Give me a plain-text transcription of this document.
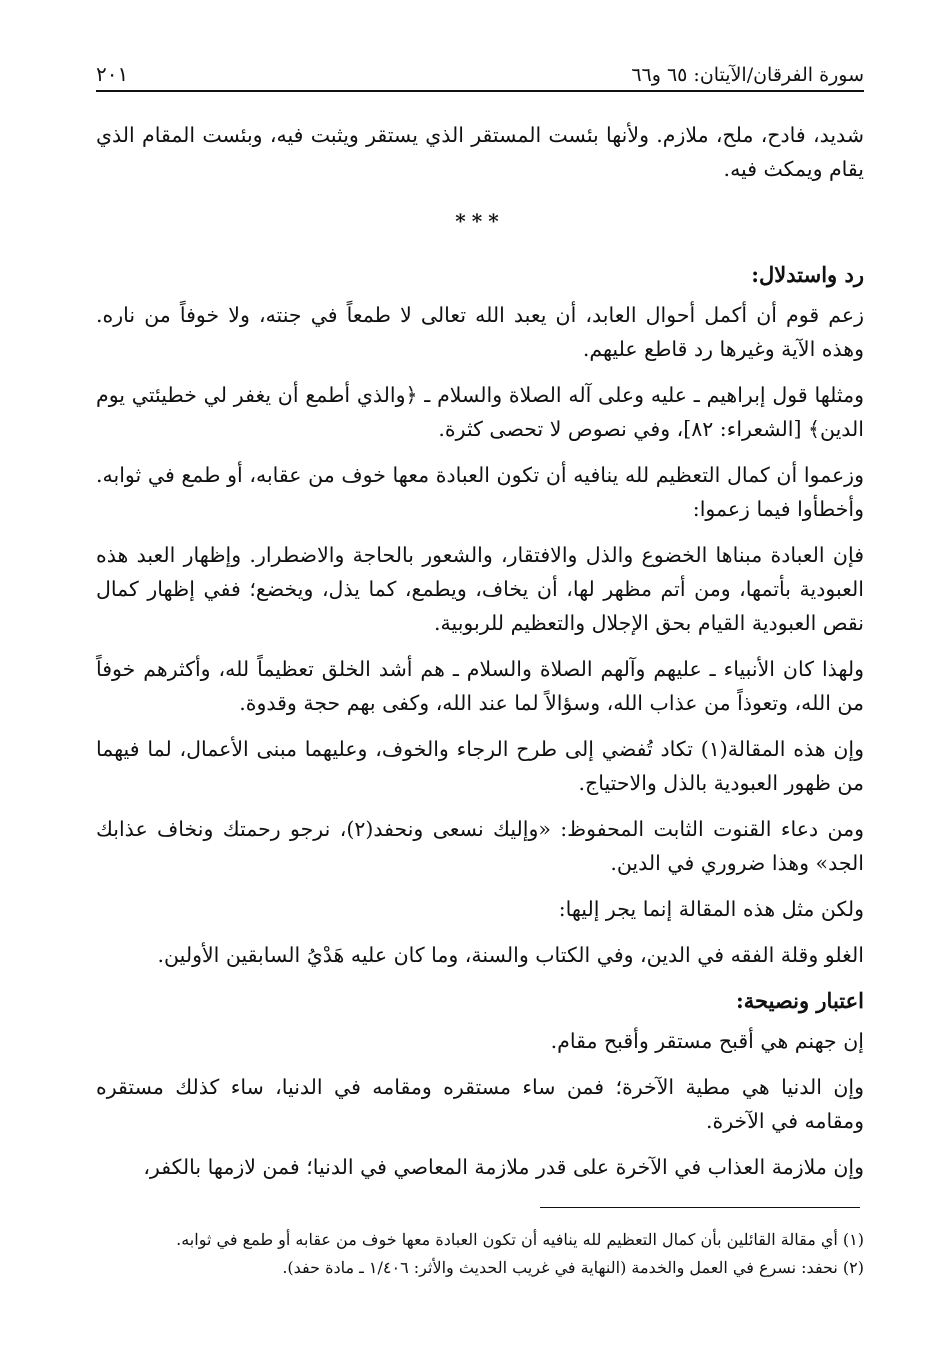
سورة الفرقان/الآيتان: ٦٥ و٦٦
٢٠١

شديد، فادح، ملح، ملازم. ولأنها بئست المستقر الذي يستقر ويثبت فيه، وبئست المقام الذي يقام ويمكث فيه.

***
رد واستدلال:

زعم قوم أن أكمل أحوال العابد، أن يعبد الله تعالى لا طمعاً في جنته، ولا خوفاً من ناره. وهذه الآية وغيرها رد قاطع عليهم.

ومثلها قول إبراهيم ـ عليه وعلى آله الصلاة والسلام ـ ﴿والذي أطمع أن يغفر لي خطيئتي يوم الدين﴾ [الشعراء: ٨٢]، وفي نصوص لا تحصى كثرة.

وزعموا أن كمال التعظيم لله ينافيه أن تكون العبادة معها خوف من عقابه، أو طمع في ثوابه. وأخطأوا فيما زعموا:

فإن العبادة مبناها الخضوع والذل والافتقار، والشعور بالحاجة والاضطرار. وإظهار العبد هذه العبودية بأتمها، ومن أتم مظهر لها، أن يخاف، ويطمع، كما يذل، ويخضع؛ ففي إظهار كمال نقص العبودية القيام بحق الإجلال والتعظيم للربوبية.

ولهذا كان الأنبياء ـ عليهم وآلهم الصلاة والسلام ـ هم أشد الخلق تعظيماً لله، وأكثرهم خوفاً من الله، وتعوذاً من عذاب الله، وسؤالاً لما عند الله، وكفى بهم حجة وقدوة.

وإن هذه المقالة(١) تكاد تُفضي إلى طرح الرجاء والخوف، وعليهما مبنى الأعمال، لما فيهما من ظهور العبودية بالذل والاحتياج.

ومن دعاء القنوت الثابت المحفوظ: «وإليك نسعى ونحفد(٢)، نرجو رحمتك ونخاف عذابك الجد» وهذا ضروري في الدين.

ولكن مثل هذه المقالة إنما يجر إليها:

الغلو وقلة الفقه في الدين، وفي الكتاب والسنة، وما كان عليه هَدْيُ السابقين الأولين.

اعتبار ونصيحة:

إن جهنم هي أقبح مستقر وأقبح مقام.

وإن الدنيا هي مطية الآخرة؛ فمن ساء مستقره ومقامه في الدنيا، ساء كذلك مستقره ومقامه في الآخرة.

وإن ملازمة العذاب في الآخرة على قدر ملازمة المعاصي في الدنيا؛ فمن لازمها بالكفر،

(١) أي مقالة القائلين بأن كمال التعظيم لله ينافيه أن تكون العبادة معها خوف من عقابه أو طمع في ثوابه.

(٢) نحفد: نسرع في العمل والخدمة (النهاية في غريب الحديث والأثر: ١/٤٠٦ ـ مادة حفد).
